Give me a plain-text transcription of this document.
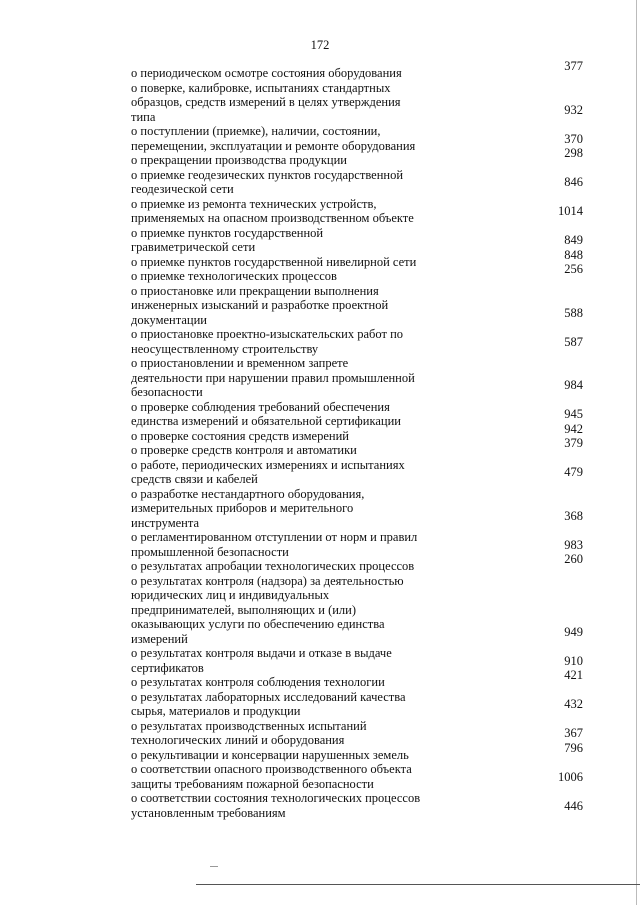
172
о периодическом осмотре состояния оборудования	377
о поверке, калибровке, испытаниях стандартных
образцов, средств измерений в целях утверждения
типа	932
о поступлении (приемке), наличии, состоянии,
перемещении, эксплуатации и ремонте оборудования	370
о прекращении производства продукции	298
о приемке геодезических пунктов государственной
геодезической сети	846
о приемке из ремонта технических устройств,
применяемых на опасном производственном объекте	1014
о приемке пунктов государственной
гравиметрической сети	849
о приемке пунктов государственной нивелирной сети	848
о приемке технологических процессов	256
о приостановке или прекращении выполнения
инженерных изысканий и разработке проектной
документации	588
о приостановке проектно-изыскательских работ по
неосуществленному строительству	587
о приостановлении и временном запрете
деятельности при нарушении правил промышленной
безопасности	984
о проверке соблюдения требований обеспечения
единства измерений и обязательной сертификации	945
о проверке состояния средств измерений	942
о проверке средств контроля и автоматики	379
о работе, периодических измерениях и испытаниях
средств связи и кабелей	479
о разработке нестандартного оборудования,
измерительных приборов и мерительного
инструмента	368
о регламентированном отступлении от норм и правил
промышленной безопасности	983
о результатах апробации технологических процессов	260
о результатах контроля (надзора) за деятельностью
юридических лиц и индивидуальных
предпринимателей, выполняющих и (или)
оказывающих услуги по обеспечению единства
измерений	949
о результатах контроля выдачи и отказе в выдаче
сертификатов	910
о результатах контроля соблюдения технологии	421
о результатах лабораторных исследований качества
сырья, материалов и продукции	432
о результатах производственных испытаний
технологических линий и оборудования	367
о рекультивации и консервации нарушенных земель	796
о соответствии опасного производственного объекта
защиты требованиям пожарной безопасности	1006
о соответствии состояния технологических процессов
установленным требованиям	446
